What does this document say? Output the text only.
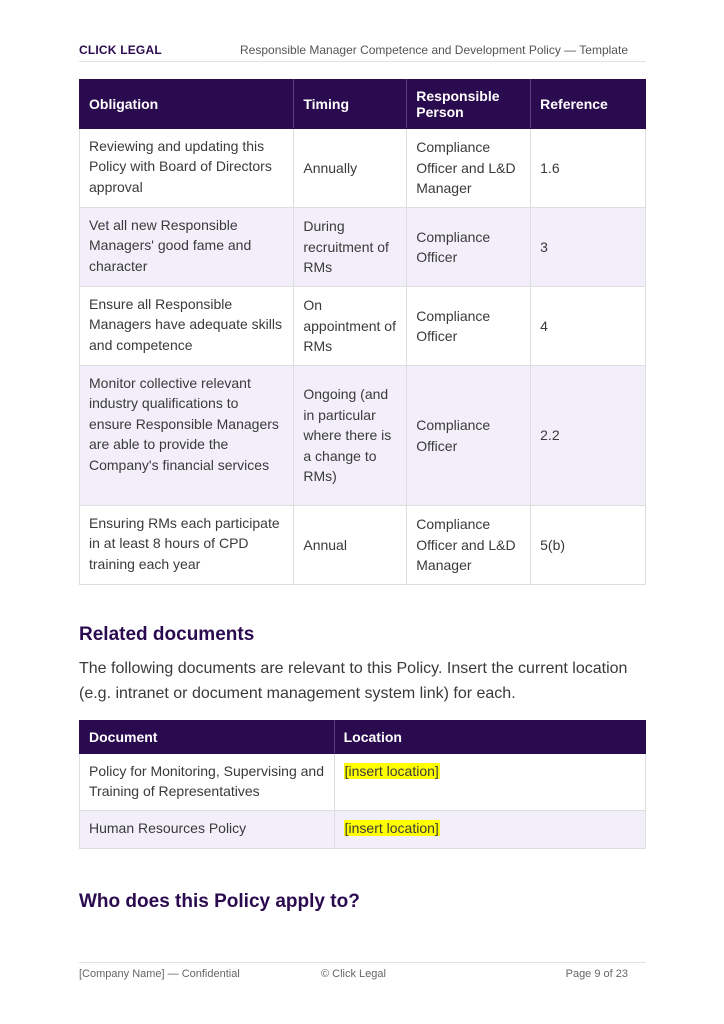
CLICK LEGAL	Responsible Manager Competence and Development Policy — Template
Obligation	Timing	Responsible Person	Reference
Reviewing and updating this Policy with Board of Directors approval	Annually	Compliance Officer and L&D Manager	1.6
Vet all new Responsible Managers' good fame and character	During recruitment of RMs	Compliance Officer	3
Ensure all Responsible Managers have adequate skills and competence	On appointment of RMs	Compliance Officer	4
Monitor collective relevant industry qualifications to ensure Responsible Managers are able to provide the Company's financial services	Ongoing (and in particular where there is a change to RMs)	Compliance Officer	2.2
Ensuring RMs each participate in at least 8 hours of CPD training each year	Annual	Compliance Officer and L&D Manager	5(b)
Related documents

The following documents are relevant to this Policy. Insert the current location (e.g. intranet or document management system link) for each.

Document	Location
Policy for Monitoring, Supervising and Training of Representatives	[insert location]
Human Resources Policy	[insert location]
Who does this Policy apply to?
[Company Name] — Confidential	© Click Legal	Page 9 of 23
